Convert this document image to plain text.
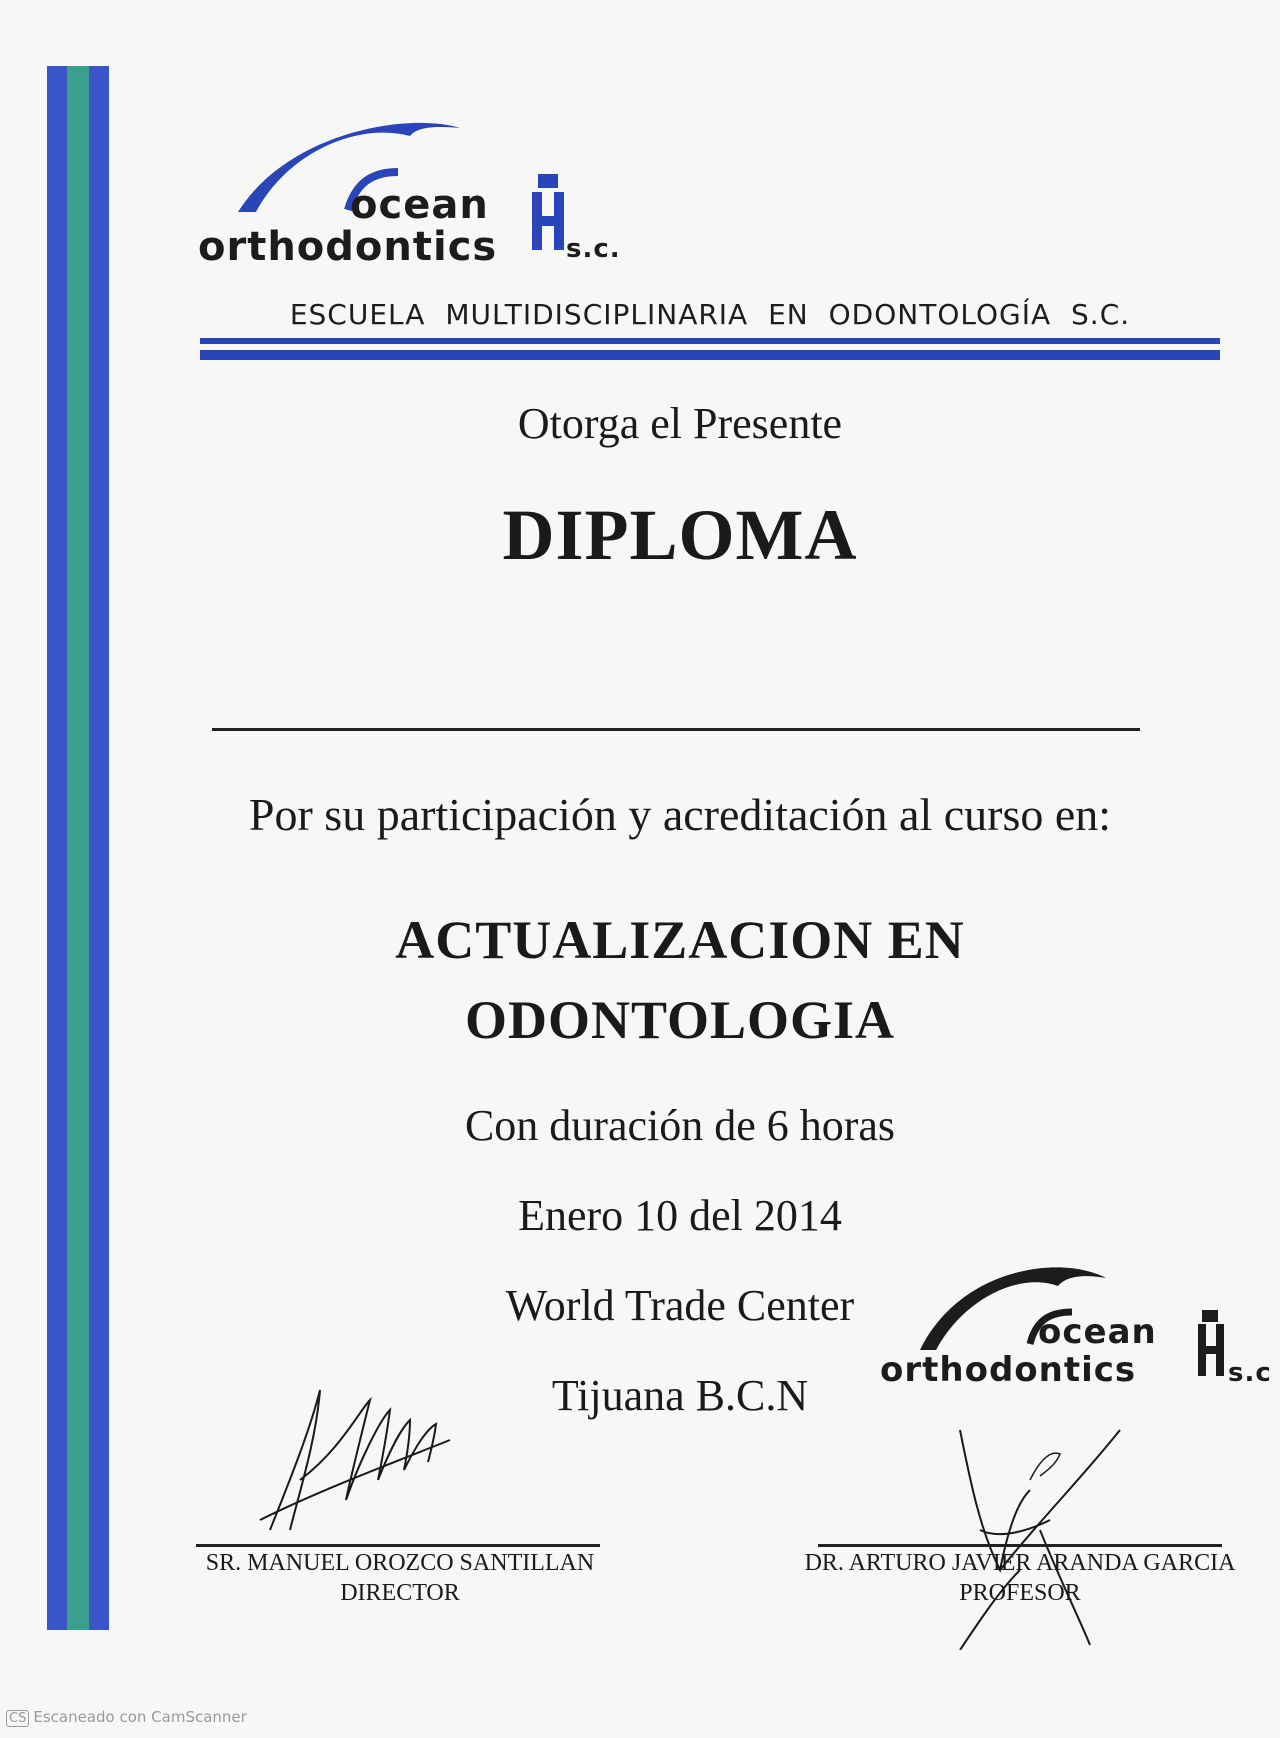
ocean
orthodontics	s.c.
ESCUELA MULTIDISCIPLINARIA EN ODONTOLOGÍA S.C.
Otorga el Presente
DIPLOMA
Por su participación y acreditación al curso en:
ACTUALIZACION EN
ODONTOLOGIA
Con duración de 6 horas
Enero 10 del 2014
World Trade Center
Tijuana B.C.N
ocean
orthodontics	s.c
SR. MANUEL OROZCO SANTILLAN
DIRECTOR
DR. ARTURO JAVIER ARANDA GARCIA
PROFESOR
CS Escaneado con CamScanner
